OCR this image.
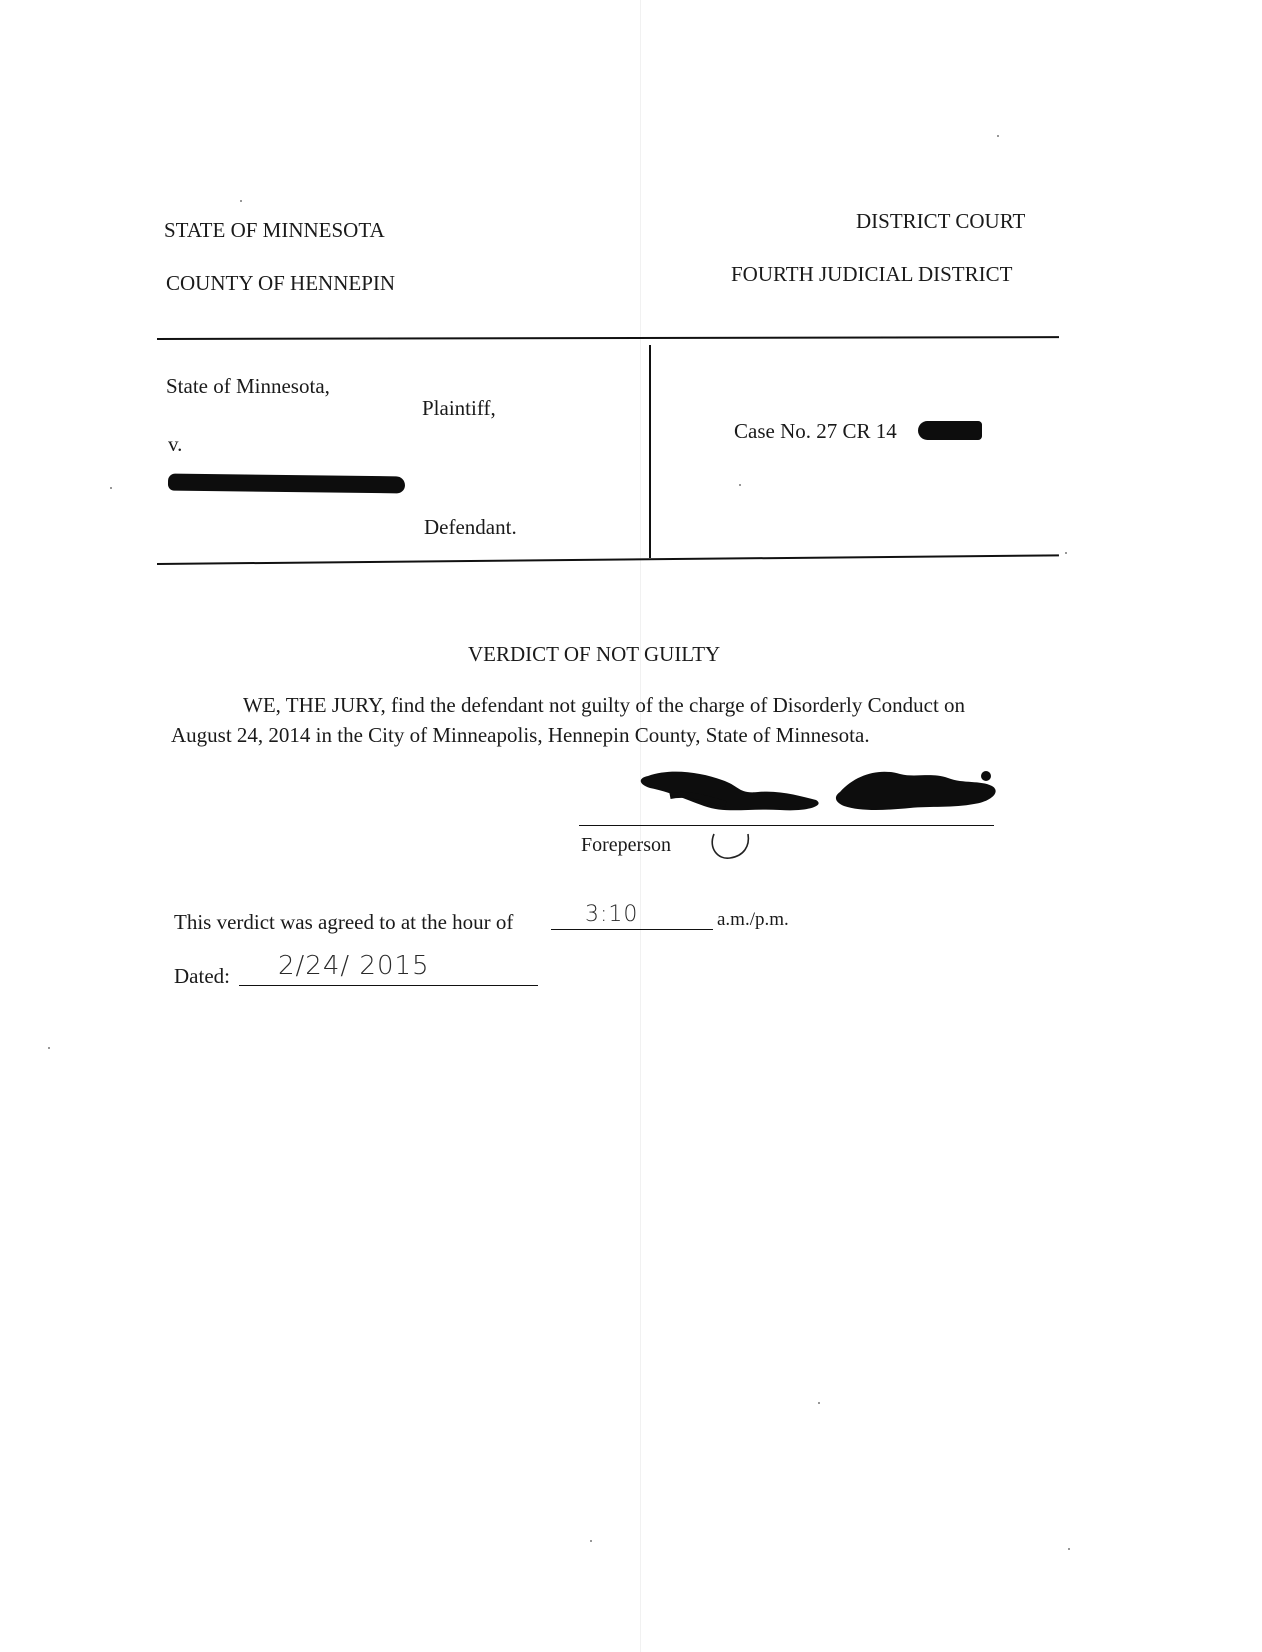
STATE OF MINNESOTA
COUNTY OF HENNEPIN
DISTRICT COURT
FOURTH JUDICIAL DISTRICT
State of Minnesota,
Plaintiff,
v.
Defendant.
Case No. 27 CR 14
VERDICT OF NOT GUILTY
WE, THE JURY, find the defendant not guilty of the charge of Disorderly Conduct on
August 24, 2014 in the City of Minneapolis, Hennepin County, State of Minnesota.
Foreperson
This verdict was agreed to at the hour of	3:10	a.m./p.m.
Dated: 2/24/ 2015
